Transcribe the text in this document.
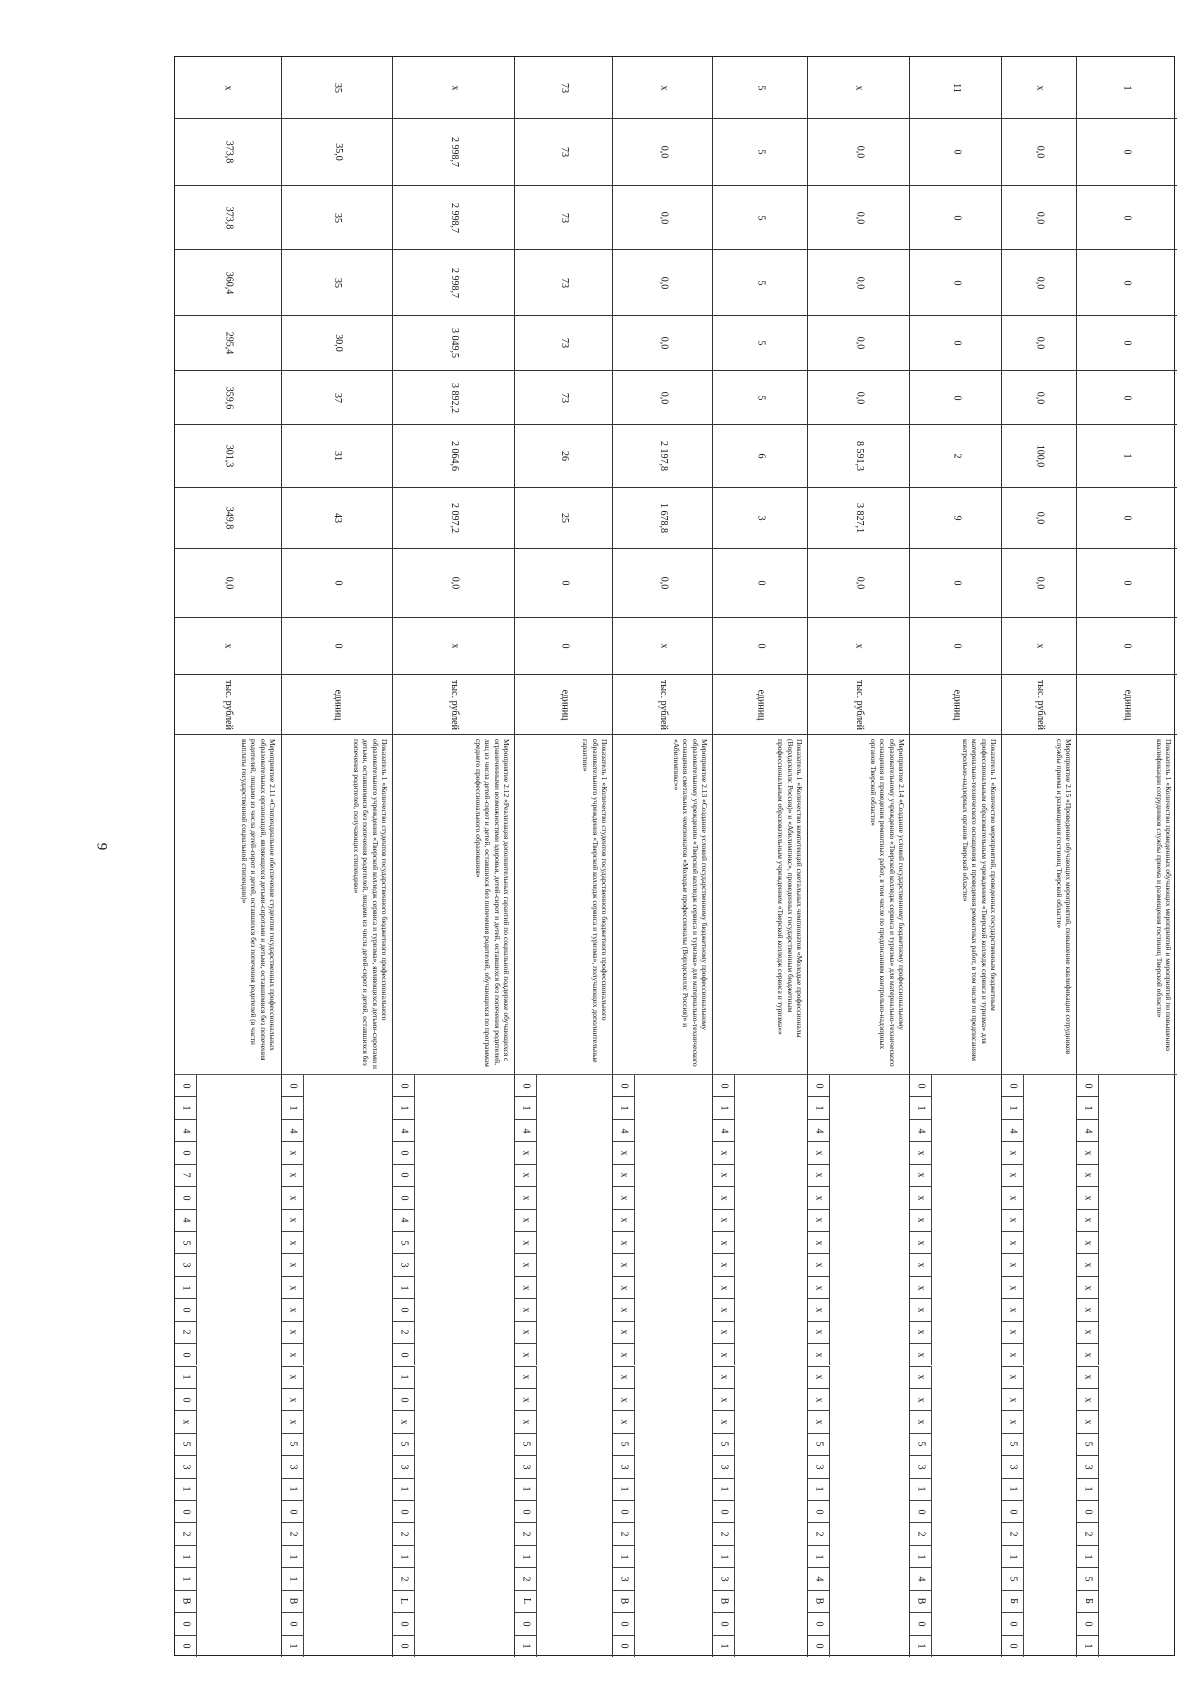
9
x
373,8
373,8
360,4
295,4
359,6
301,3
349,8
0,0
x
тыс. рублей
Мероприятие 2.11 «Стипендиальное обеспечение студентов государственных профессиональных образовательных организаций, являющихся детьми-сиротами и детьми, оставшимися без попечения родителей, лицами из числа детей-сирот и детей, оставшихся без попечения родителей (в части выплаты государственной социальной стипендии)»
0
1
4
0
7
0
4
5
3
1
0
2
0
1
0
x
5
3
1
0
2
1
1
B
0
0
35
35,0
35
35
30,0
37
31
43
0
0
единиц
Показатель 1 «Количество студентов государственного бюджетного профессионального образовательного учреждения «Тверской колледж сервиса и туризма», являющихся детьми-сиротами и детьми, оставшимися без попечения родителей, лицами из числа детей-сирот и детей, оставшихся без попечения родителей, получающих стипендию»
0
1
4
x
x
x
x
x
x
x
x
x
x
x
x
x
5
3
1
0
2
1
1
B
0
1
x
2 998,7
2 998,7
2 998,7
3 049,5
3 892,2
2 064,6
2 097,2
0,0
x
тыс. рублей
Мероприятие 2.12 «Реализация дополнительных гарантий по социальной поддержке обучающихся с ограниченными возможностями здоровья, детей-сирот и детей, оставшихся без попечения родителей, лиц из числа детей-сирот и детей, оставшихся без попечения родителей, обучающихся по программам среднего профессионального образования»
0
1
4
0
0
0
4
5
3
1
0
2
0
1
0
x
5
3
1
0
2
1
2
L
0
0
73
73
73
73
73
73
26
25
0
0
единиц
Показатель 1 «Количество студентов государственного бюджетного профессионального образовательного учреждения «Тверской колледж сервиса и туризма», получающих дополнительные гарантии»
0
1
4
x
x
x
x
x
x
x
x
x
x
x
x
x
5
3
1
0
2
1
2
L
0
1
x
0,0
0,0
0,0
0,0
0,0
2 197,8
1 678,8
0,0
x
тыс. рублей
Мероприятие 2.13 «Создание условий государственному бюджетному профессиональному образовательному учреждению «Тверской колледж сервиса и туризма» для материально-технического оснащения сметальных чемпионатов «Молодые профессионалы (Ворлдскиллс Россия)» и «Абилимпикс»»
0
1
4
x
x
x
x
x
x
x
x
x
x
x
x
x
5
3
1
0
2
1
3
B
0
0
5
5
5
5
5
5
6
3
0
0
единиц
Показатель 1 «Количество компетенций сметальных чемпионатов «Молодые профессионалы (Ворлдскиллс Россия)» и «Абилимпикс», проведенных государственным бюджетным профессиональным образовательным учреждением «Тверской колледж сервиса и туризма»»
0
1
4
x
x
x
x
x
x
x
x
x
x
x
x
x
5
3
1
0
2
1
3
B
0
1
x
0,0
0,0
0,0
0,0
0,0
8 591,3
3 827,1
0,0
x
тыс. рублей
Мероприятие 2.14 «Создание условий государственному бюджетному профессиональному образовательному учреждению «Тверской колледж сервиса и туризма» для материально-технического оснащения и проведения ремонтных работ, в том числе по предписаниям контрольно-надзорных органов Тверской области»
0
1
4
x
x
x
x
x
x
x
x
x
x
x
x
x
5
3
1
0
2
1
4
B
0
0
11
0
0
0
0
0
2
9
0
0
единиц
Показатель 1 «Количество мероприятий, проведенных государственным бюджетным профессиональным образовательным учреждением «Тверской колледж сервиса и туризма» для материально-технического оснащения и проведения ремонтных работ, в том числе по предписаниям контрольно-надзорных органов Тверской области»
0
1
4
x
x
x
x
x
x
x
x
x
x
x
x
x
5
3
1
0
2
1
4
B
0
1
x
0,0
0,0
0,0
0,0
0,0
100,0
0,0
0,0
x
тыс. рублей
Мероприятие 2.15 «Проведение обучающих мероприятий, повышение квалификации сотрудников службы приема и размещения гостиниц Тверской области»
0
1
4
x
x
x
x
x
x
x
x
x
x
x
x
x
5
3
1
0
2
1
5
Б
0
0
1
0
0
0
0
0
1
0
0
0
единиц
Показатель 1 «Количество проведенных обучающих мероприятий и мероприятий по повышению квалификации сотрудников службы приема и размещения гостиниц Тверской области»
0
1
4
x
x
x
x
x
x
x
x
x
x
x
x
x
5
3
1
0
2
1
5
Б
0
1
